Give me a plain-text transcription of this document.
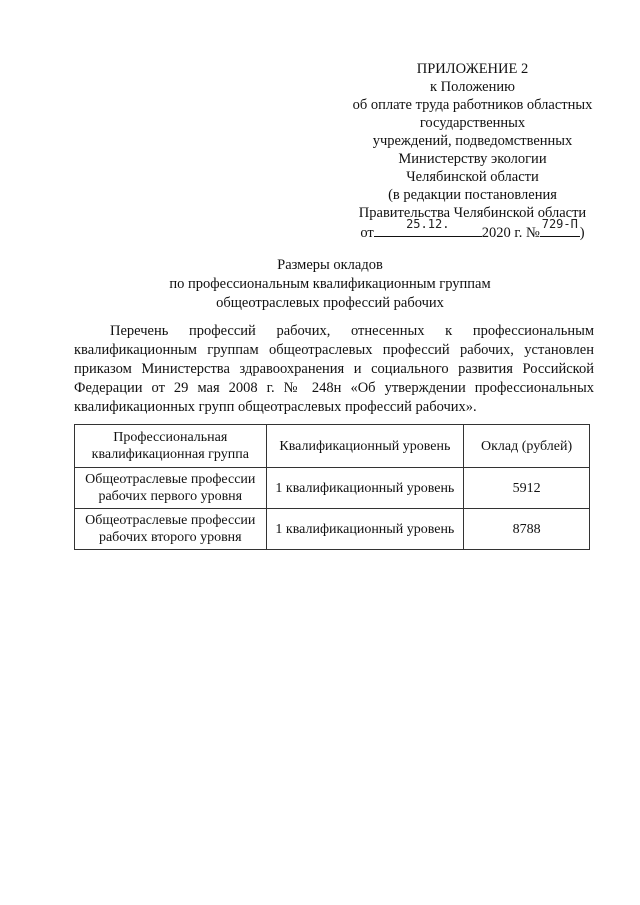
ПРИЛОЖЕНИЕ 2
к Положению
об оплате труда работников областных
государственных
учреждений, подведомственных
Министерству экологии
Челябинской области
(в редакции постановления
Правительства Челябинской области
от
25.12.
2020 г. №
729-П
)
Размеры окладов
по профессиональным квалификационным группам
общеотраслевых профессий рабочих
Перечень профессий рабочих, отнесенных к профессиональным квалификационным группам общеотраслевых профессий рабочих, установлен приказом Министерства здравоохранения и социального развития Российской Федерации от 29 мая 2008 г. № 248н «Об утверждении профессиональных квалификационных групп общеотраслевых профессий рабочих».
Профессиональная квалификационная группа	Квалификационный уровень	Оклад (рублей)
Общеотраслевые профессии рабочих первого уровня	1 квалификационный уровень	5912
Общеотраслевые профессии рабочих второго уровня	1 квалификационный уровень	8788
